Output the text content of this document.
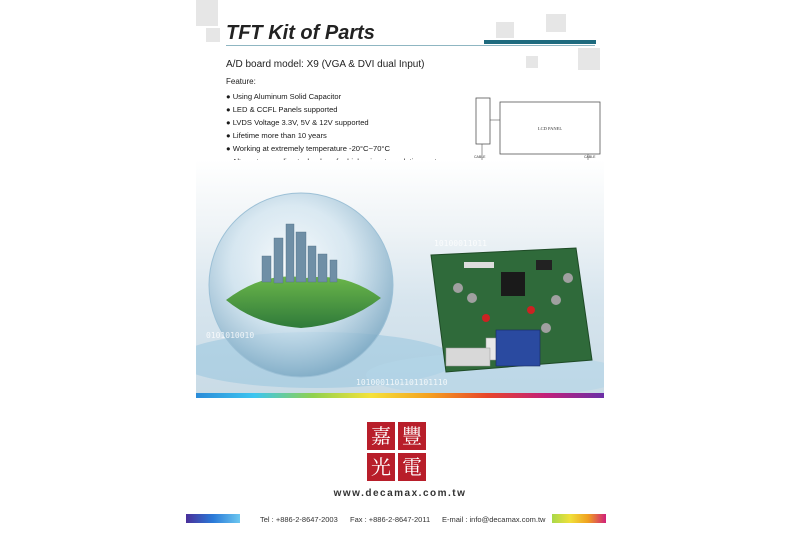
TFT Kit of Parts
A/D board model: X9 (VGA & DVI dual Input)
Feature:
● Using Aluminum Solid Capacitor
● LED & CCFL Panels supported
● LVDS Voltage 3.3V, 5V & 12V supported
● Lifetime more than 10 years
● Working at extremely temperature -20°C~70°C
LCD PANEL
CABLE	CABLE
10100011011
0101010010
1010001101101101110
嘉 豐
光 電
www.decamax.com.tw
Tel : +886-2-8647-2003 Fax : +886-2-8647-2011 E-mail : info@decamax.com.tw
